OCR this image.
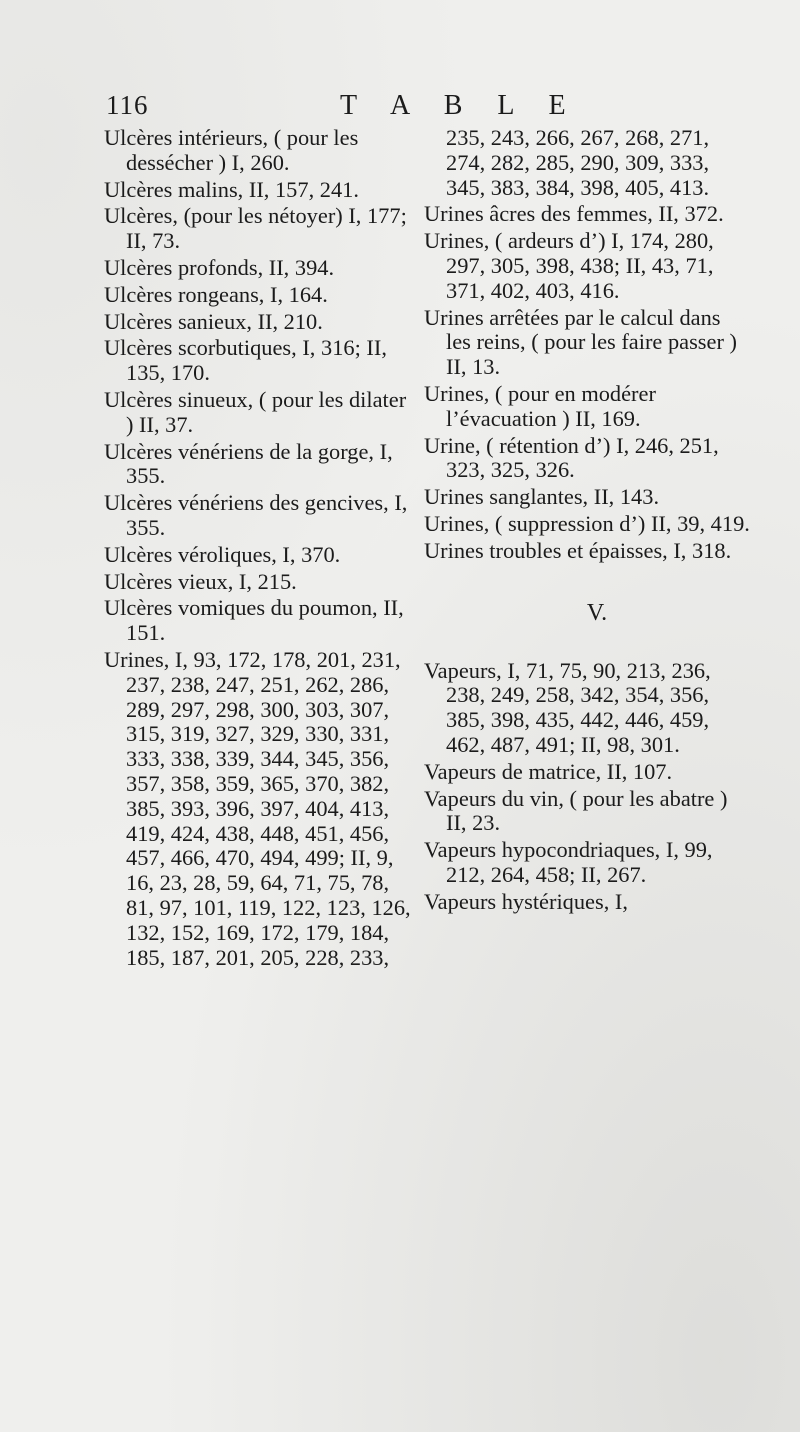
116	T A B L E

Ulcères intérieurs, ( pour les dessécher ) I, 260.

Ulcères malins, II, 157, 241.

Ulcères, (pour les nétoyer) I, 177; II, 73.

Ulcères profonds, II, 394.

Ulcères rongeans, I, 164.

Ulcères sanieux, II, 210.

Ulcères scorbutiques, I, 316; II, 135, 170.

Ulcères sinueux, ( pour les dilater ) II, 37.

Ulcères vénériens de la gorge, I, 355.

Ulcères vénériens des gencives, I, 355.

Ulcères véroliques, I, 370.

Ulcères vieux, I, 215.

Ulcères vomiques du poumon, II, 151.

Urines, I, 93, 172, 178, 201, 231, 237, 238, 247, 251, 262, 286, 289, 297, 298, 300, 303, 307, 315, 319, 327, 329, 330, 331, 333, 338, 339, 344, 345, 356, 357, 358, 359, 365, 370, 382, 385, 393, 396, 397, 404, 413, 419, 424, 438, 448, 451, 456, 457, 466, 470, 494, 499; II, 9, 16, 23, 28, 59, 64, 71, 75, 78, 81, 97, 101, 119, 122, 123, 126, 132, 152, 169, 172, 179, 184, 185, 187, 201, 205, 228, 233,

235, 243, 266, 267, 268, 271, 274, 282, 285, 290, 309, 333, 345, 383, 384, 398, 405, 413.

Urines âcres des femmes, II, 372.

Urines, ( ardeurs d’) I, 174, 280, 297, 305, 398, 438; II, 43, 71, 371, 402, 403, 416.

Urines arrêtées par le calcul dans les reins, ( pour les faire passer ) II, 13.

Urines, ( pour en modérer l’évacuation ) II, 169.

Urine, ( rétention d’) I, 246, 251, 323, 325, 326.

Urines sanglantes, II, 143.

Urines, ( suppression d’) II, 39, 419.

Urines troubles et épaisses, I, 318.

V.

Vapeurs, I, 71, 75, 90, 213, 236, 238, 249, 258, 342, 354, 356, 385, 398, 435, 442, 446, 459, 462, 487, 491; II, 98, 301.

Vapeurs de matrice, II, 107.

Vapeurs du vin, ( pour les abatre ) II, 23.

Vapeurs hypocondriaques, I, 99, 212, 264, 458; II, 267.

Vapeurs hystériques, I,
